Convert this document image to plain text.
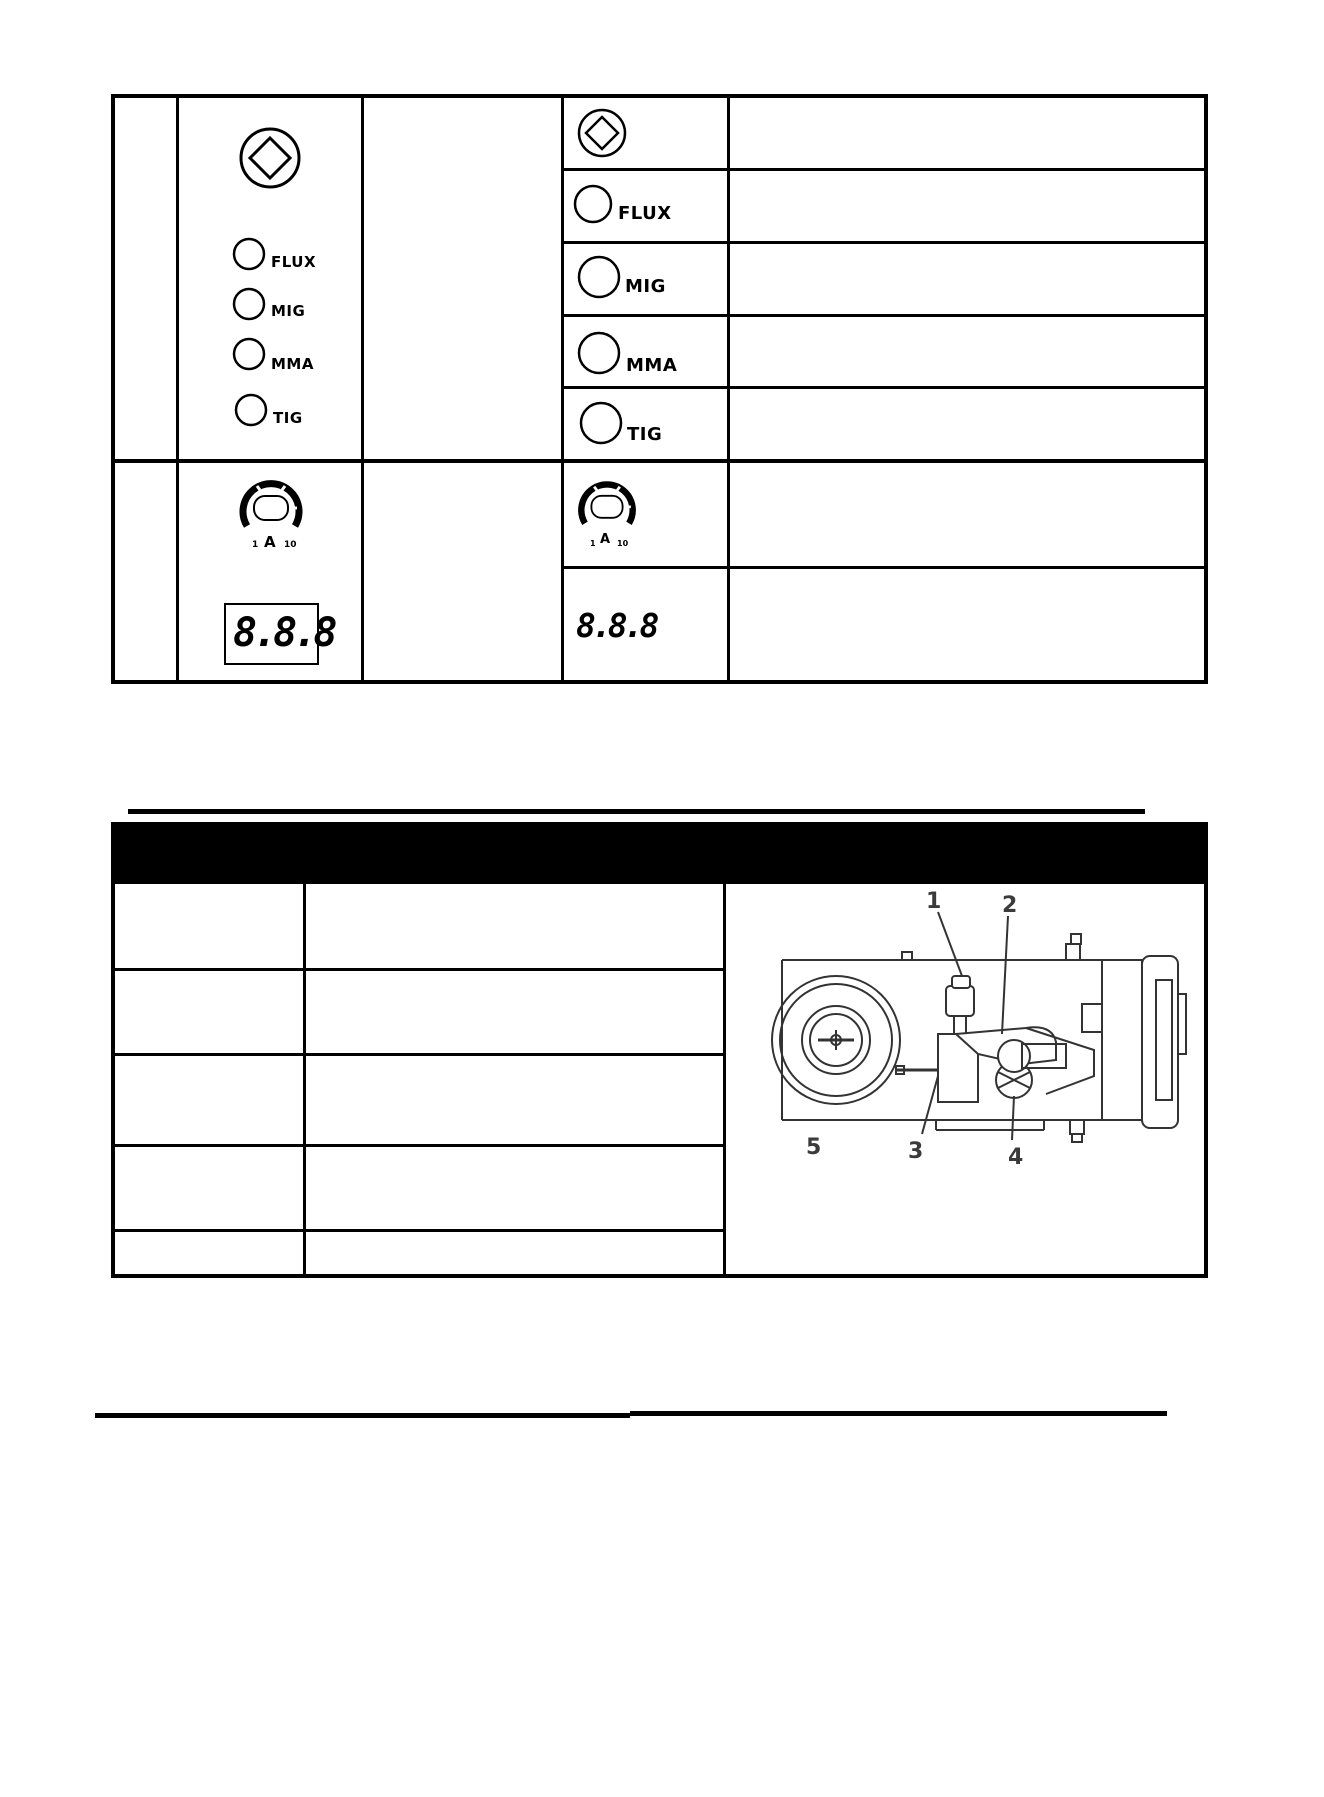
FLUX
MIG
MMA
TIG
FLUX
MIG
MMA
TIG
1 A 10
8.8.8
1 A 10
8.8.8
1	2
3	4
5
